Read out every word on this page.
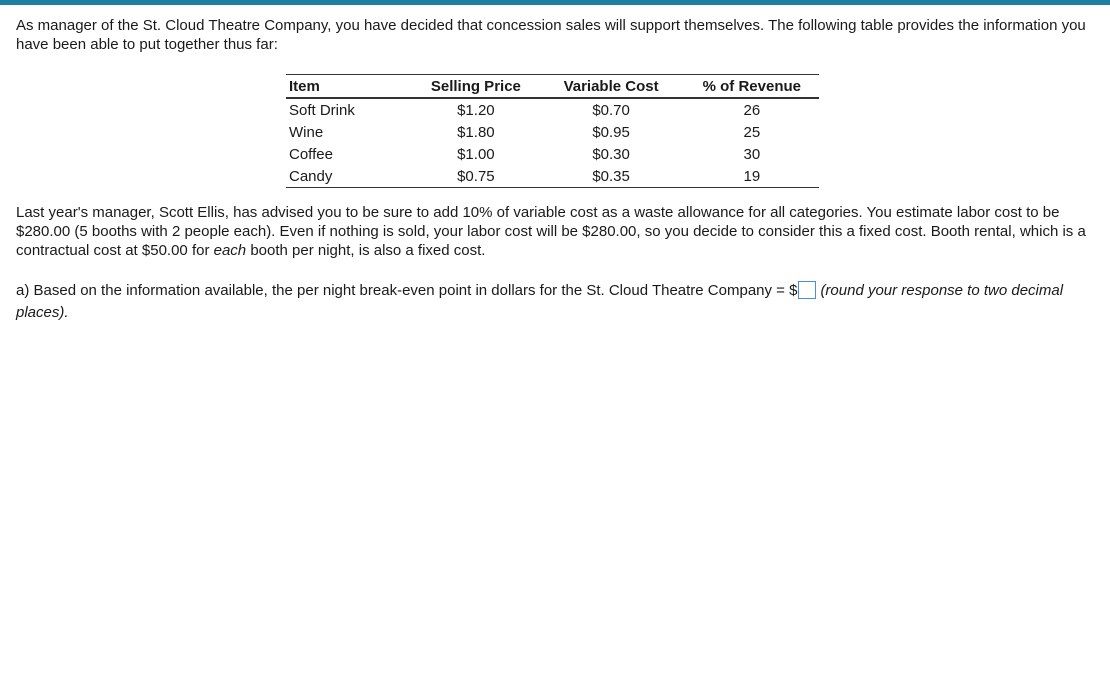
As manager of the St. Cloud Theatre Company, you have decided that concession sales will support themselves. The following table provides the information you have been able to put together thus far:

Item	Selling Price	Variable Cost	% of Revenue
Soft Drink	$1.20	$0.70	26
Wine	$1.80	$0.95	25
Coffee	$1.00	$0.30	30
Candy	$0.75	$0.35	19

Last year's manager, Scott Ellis, has advised you to be sure to add 10% of variable cost as a waste allowance for all categories. You estimate labor cost to be $280.00 (5 booths with 2 people each). Even if nothing is sold, your labor cost will be $280.00, so you decide to consider this a fixed cost. Booth rental, which is a contractual cost at $50.00 for each booth per night, is also a fixed cost.

a) Based on the information available, the per night break-even point in dollars for the St. Cloud Theatre Company = $ (round your response to two decimal places).
